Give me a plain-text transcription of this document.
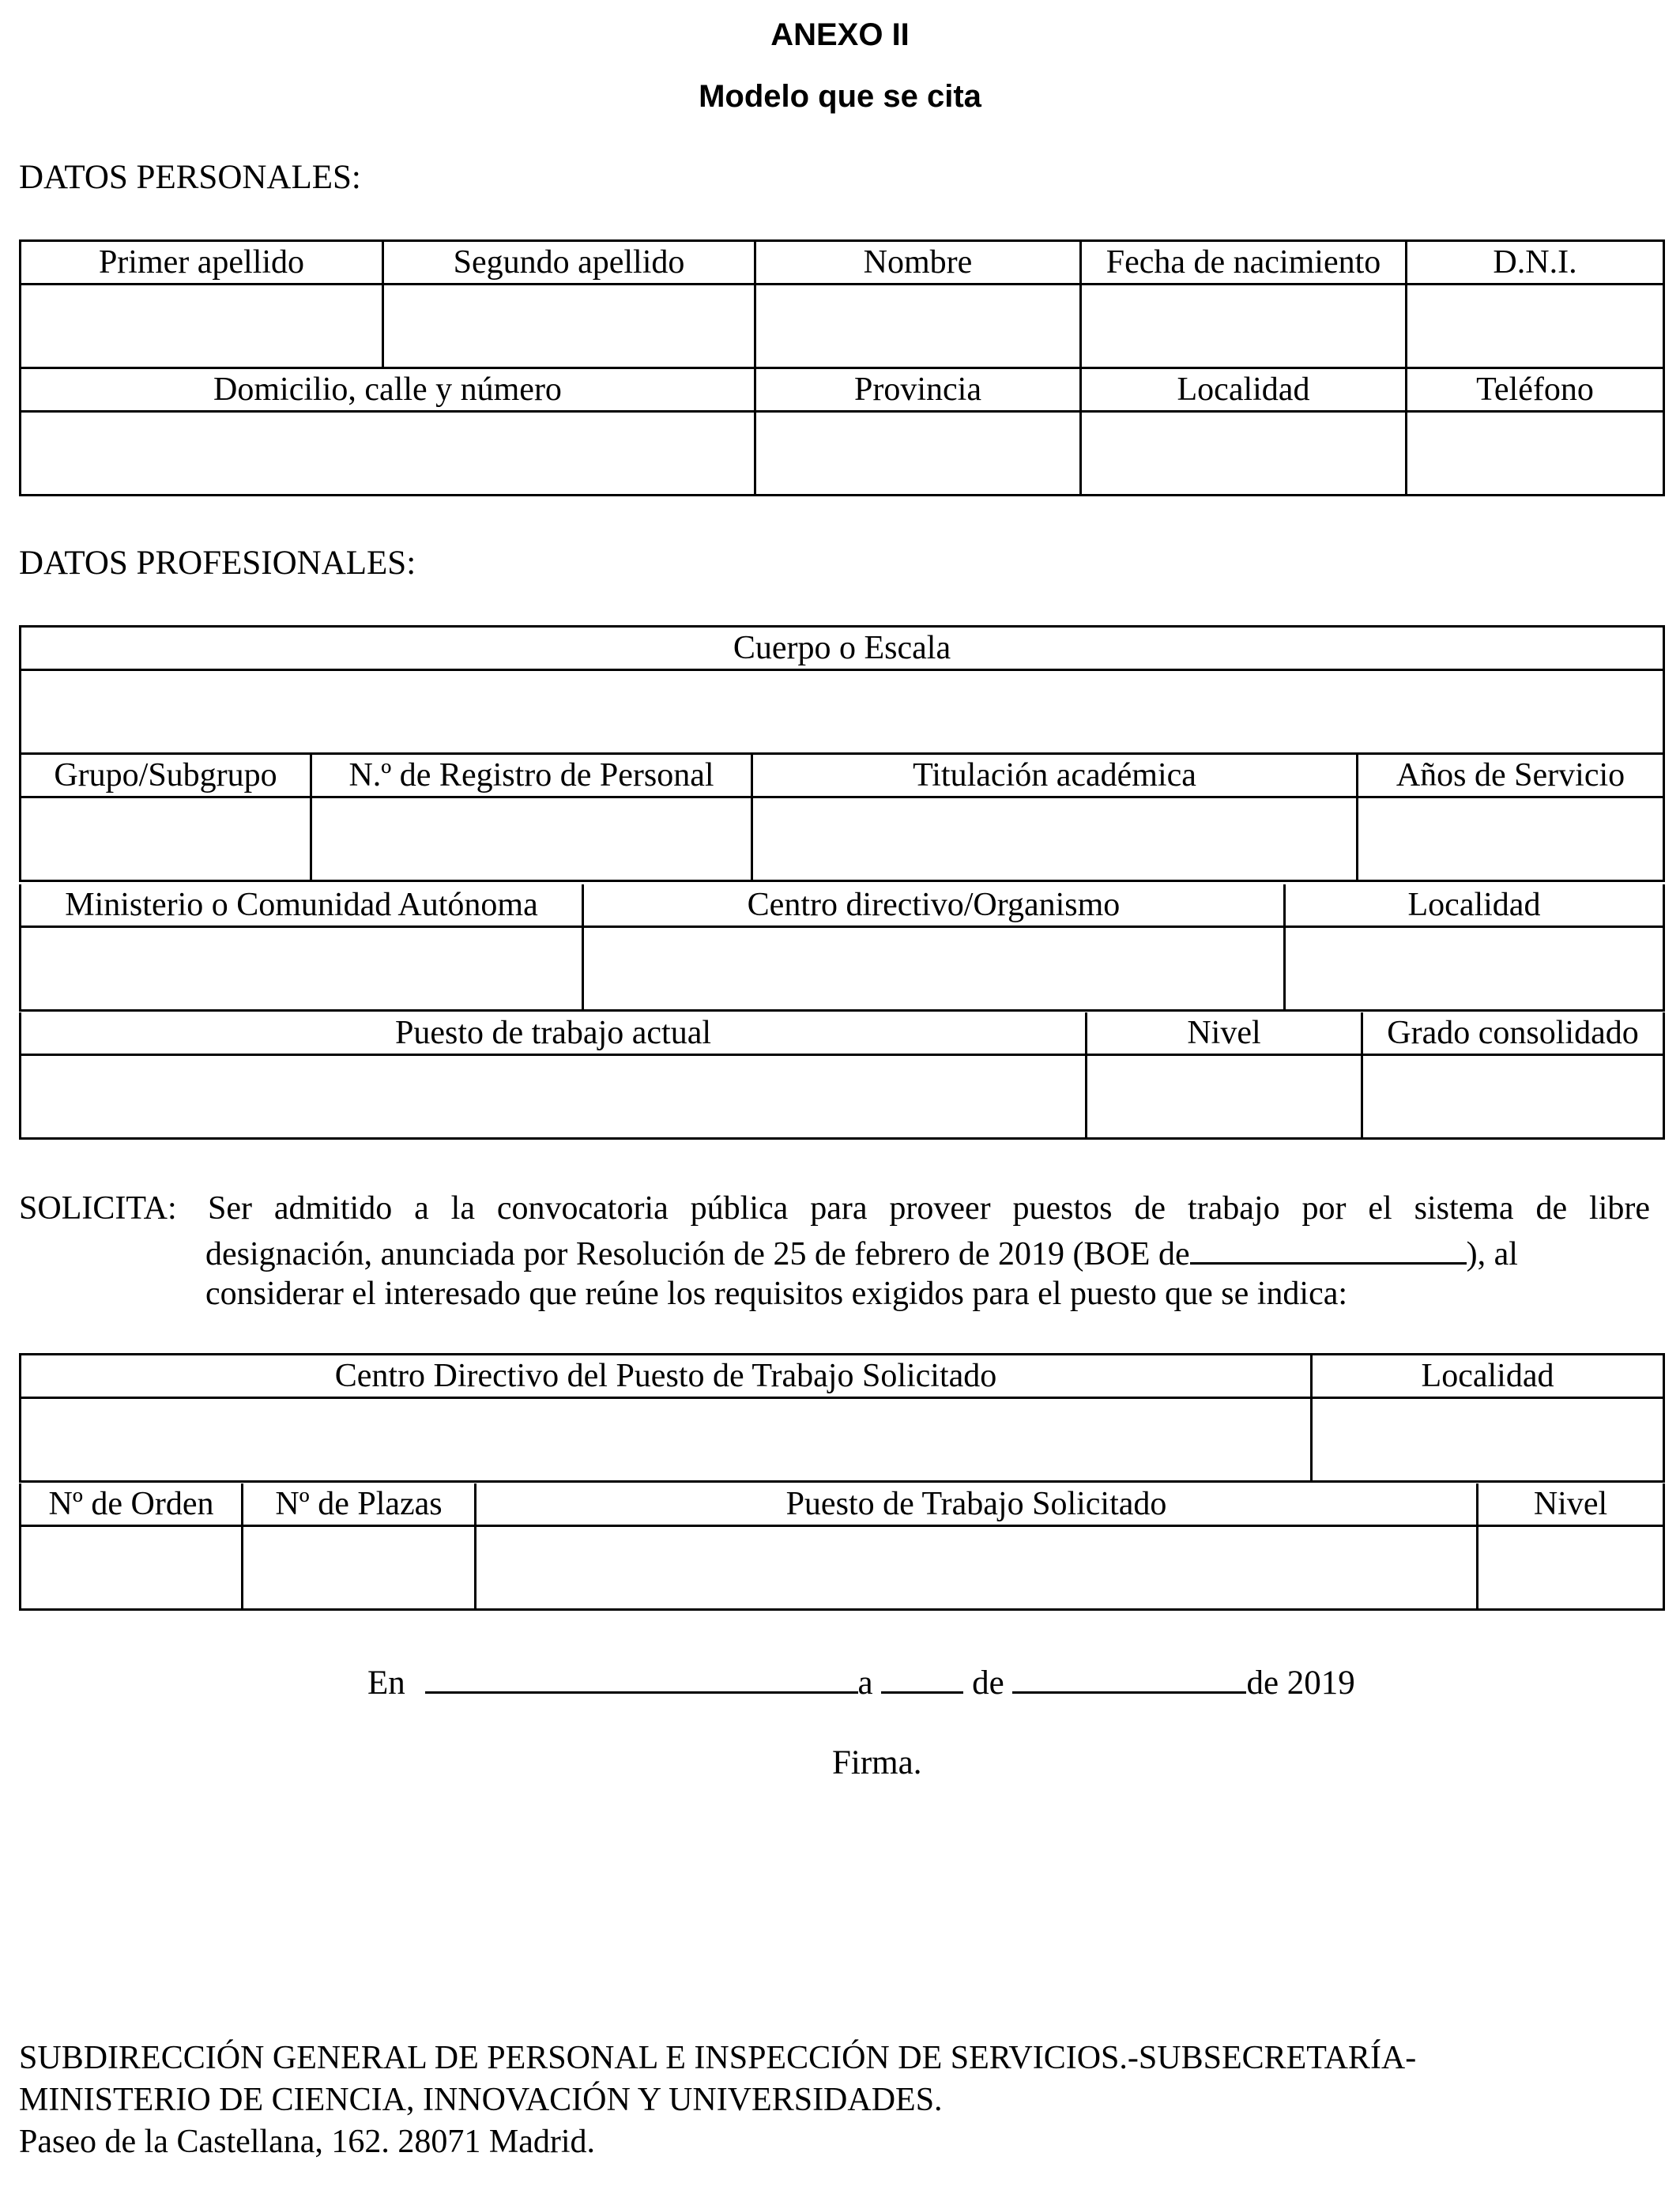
ANEXO II
Modelo que se cita
DATOS PERSONALES:
Primer apellido	Segundo apellido	Nombre	Fecha de nacimiento	D.N.I.

Domicilio, calle y número		Provincia	Localidad	Teléfono

DATOS PROFESIONALES:
Cuerpo o Escala			

Grupo/Subgrupo	N.º de Registro de Personal	Titulación académica	Años de Servicio

Ministerio o Comunidad Autónoma	Centro directivo/Organismo	Localidad

Puesto de trabajo actual	Nivel	Grado consolidado

SOLICITA: Ser admitido a la convocatoria pública para proveer puestos de trabajo por el sistema de libre
designación, anunciada por Resolución de 25 de febrero de 2019 (BOE de	), al
considerar el interesado que reúne los requisitos exigidos para el puesto que se indica:
Centro Directivo del Puesto de Trabajo Solicitado	Localidad

Nº de Orden	Nº de Plazas	Puesto de Trabajo Solicitado	Nivel

En	a	de	de 2019
Firma.
SUBDIRECCIÓN GENERAL DE PERSONAL E INSPECCIÓN DE SERVICIOS.-SUBSECRETARÍA-
MINISTERIO DE CIENCIA, INNOVACIÓN Y UNIVERSIDADES.
Paseo de la Castellana, 162. 28071 Madrid.
